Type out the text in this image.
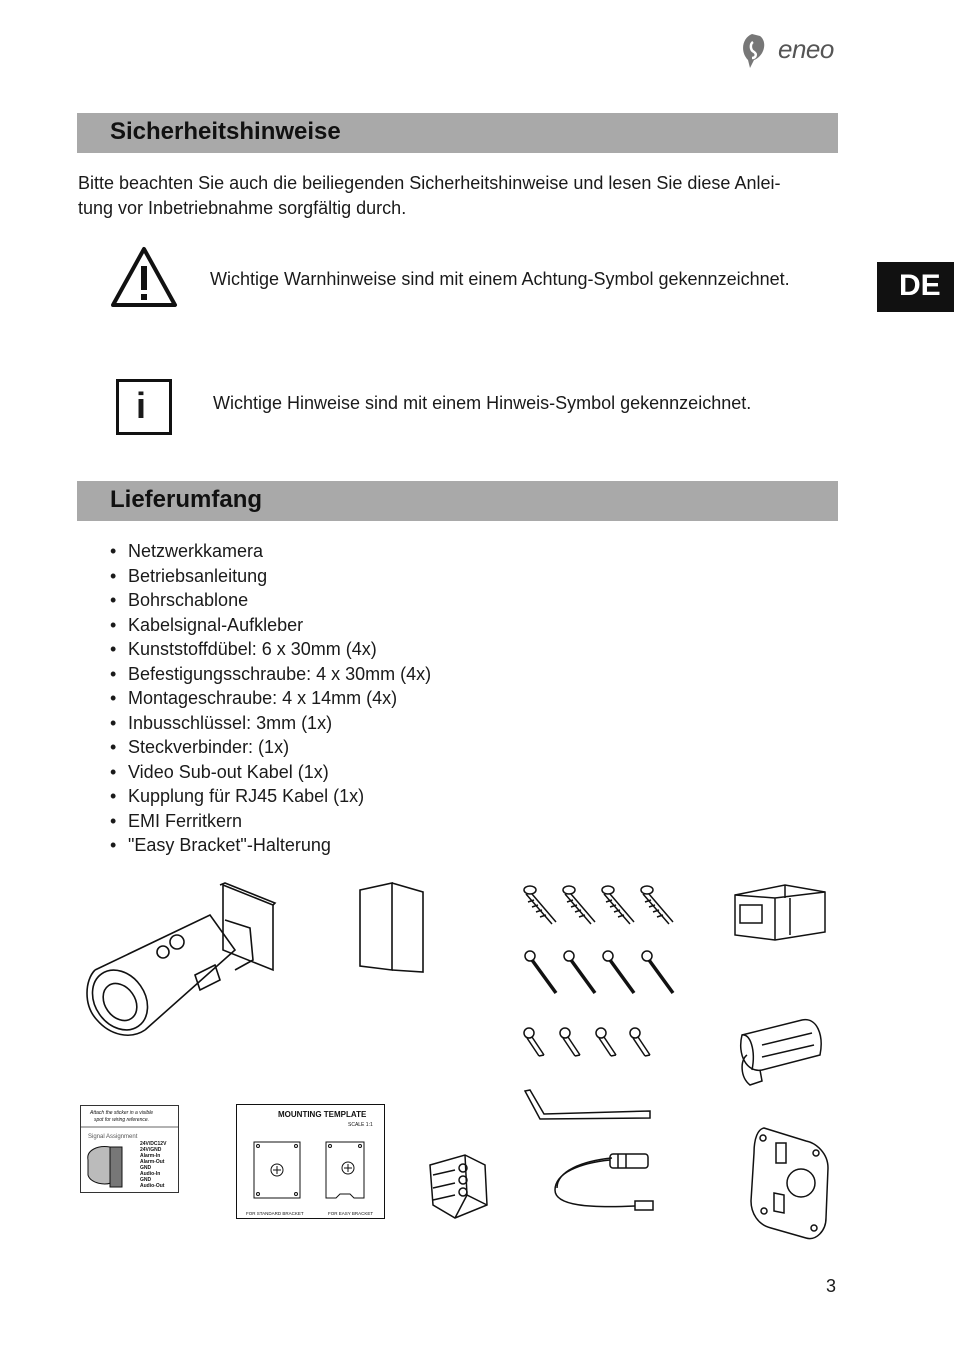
eneo
DE
Sicherheitshinweise
Bitte beachten Sie auch die beiliegenden Sicherheitshinweise und lesen Sie diese Anlei-
tung vor Inbetriebnahme sorgfältig durch.
Wichtige Warnhinweise sind mit einem Achtung-Symbol gekennzeichnet.
i	Wichtige Hinweise sind mit einem Hinweis-Symbol gekennzeichnet.
Lieferumfang
• Netzwerkkamera
• Betriebsanleitung
• Bohrschablone
• Kabelsignal-Aufkleber
• Kunststoffdübel: 6 x 30mm (4x)
• Befestigungsschraube: 4 x 30mm (4x)
• Montageschraube: 4 x 14mm (4x)
• Inbusschlüssel: 3mm (1x)
• Steckverbinder: (1x)
• Video Sub-out Kabel (1x)
• Kupplung für RJ45 Kabel (1x)
• EMI Ferritkern
• "Easy Bracket"-Halterung
Attach the sticker in a visible
spot for wiring reference.
Signal Assignment
24V/DC12V
24V/GND
Alarm-In
Alarm-Out
GND
Audio-In
GND
Audio-Out
MOUNTING TEMPLATE
SCALE 1:1
FOR STANDARD BRACKET	FOR EASY BRACKET
3
